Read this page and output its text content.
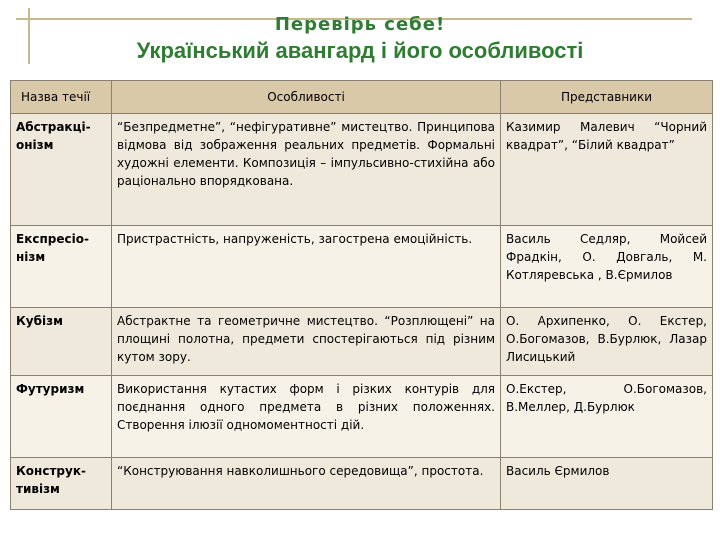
Перевірь себе!
Український авангард і його особливості
Назва течії	Особливості	Представники
Абстракці-онізм	“Безпредметне”, “нефігуративне” мистецтво. Принципова відмова від зображення реальних предметів. Формальні художні елементи. Композиція – імпульсивно-стихійна або раціонально впорядкована.	Казимир Малевич “Чорний квадрат”, “Білий квадрат”
Експресіо-нізм	Пристрастність, напруженість, загострена емоційність.	Василь Седляр, Мойсей Фрадкін, О. Довгаль, М. Котляревська , В.Єрмилов
Кубізм	Абстрактне та геометричне мистецтво. “Розплющені” на площині полотна, предмети спостерігаються під різним кутом зору.	О. Архипенко, О. Екстер, О.Богомазов, В.Бурлюк, Лазар Лисицький
Футуризм	Використання кутастих форм і різких контурів для поєднання одного предмета в різних положеннях. Створення ілюзії одномоментності дій.	О.Екстер, О.Богомазов, В.Меллер, Д.Бурлюк
Конструк-тивізм	“Конструювання навколишнього середовища”, простота.	Василь Єрмилов
